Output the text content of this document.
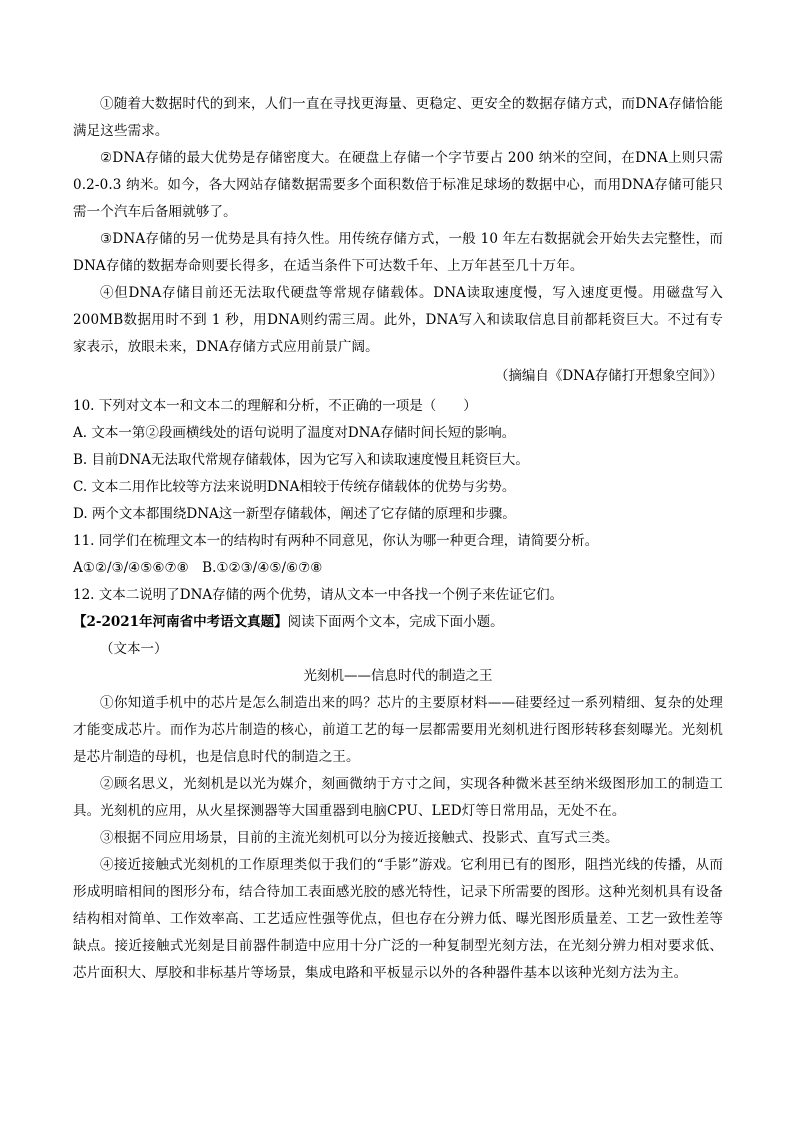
①随着大数据时代的到来，人们一直在寻找更海量、更稳定、更安全的数据存储方式，而DNA存储恰能满足这些需求。
②DNA存储的最大优势是存储密度大。在硬盘上存储一个字节要占 200 纳米的空间，在DNA上则只需 0.2-0.3 纳米。如今，各大网站存储数据需要多个面积数倍于标准足球场的数据中心，而用DNA存储可能只需一个汽车后备厢就够了。
③DNA存储的另一优势是具有持久性。用传统存储方式，一般 10 年左右数据就会开始失去完整性，而DNA存储的数据寿命则要长得多，在适当条件下可达数千年、上万年甚至几十万年。
④但DNA存储目前还无法取代硬盘等常规存储载体。DNA读取速度慢，写入速度更慢。用磁盘写入 200MB数据用时不到 1 秒，用DNA则约需三周。此外，DNA写入和读取信息目前都耗资巨大。不过有专家表示，放眼未来，DNA存储方式应用前景广阔。
（摘编自《DNA存储打开想象空间》）
10. 下列对文本一和文本二的理解和分析，不正确的一项是（　　）
A. 文本一第②段画横线处的语句说明了温度对DNA存储时间长短的影响。
B. 目前DNA无法取代常规存储载体，因为它写入和读取速度慢且耗资巨大。
C. 文本二用作比较等方法来说明DNA相较于传统存储载体的优势与劣势。
D. 两个文本都围绕DNA这一新型存储载体，阐述了它存储的原理和步骤。
11. 同学们在梳理文本一的结构时有两种不同意见，你认为哪一种更合理，请简要分析。
A①②/③/④⑤⑥⑦⑧　B.①②③/④⑤/⑥⑦⑧
12. 文本二说明了DNA存储的两个优势，请从文本一中各找一个例子来佐证它们。
【2-2021年河南省中考语文真题】阅读下面两个文本，完成下面小题。
（文本一）
光刻机——信息时代的制造之王
①你知道手机中的芯片是怎么制造出来的吗？芯片的主要原材料——硅要经过一系列精细、复杂的处理才能变成芯片。而作为芯片制造的核心，前道工艺的每一层都需要用光刻机进行图形转移套刻曝光。光刻机是芯片制造的母机，也是信息时代的制造之王。
②顾名思义，光刻机是以光为媒介，刻画微纳于方寸之间，实现各种微米甚至纳米级图形加工的制造工具。光刻机的应用，从火星探测器等大国重器到电脑CPU、LED灯等日常用品，无处不在。
③根据不同应用场景，目前的主流光刻机可以分为接近接触式、投影式、直写式三类。
④接近接触式光刻机的工作原理类似于我们的“手影”游戏。它利用已有的图形，阻挡光线的传播，从而形成明暗相间的图形分布，结合待加工表面感光胶的感光特性，记录下所需要的图形。这种光刻机具有设备结构相对简单、工作效率高、工艺适应性强等优点，但也存在分辨力低、曝光图形质量差、工艺一致性差等缺点。接近接触式光刻是目前器件制造中应用十分广泛的一种复制型光刻方法，在光刻分辨力相对要求低、芯片面积大、厚胶和非标基片等场景，集成电路和平板显示以外的各种器件基本以该种光刻方法为主。
